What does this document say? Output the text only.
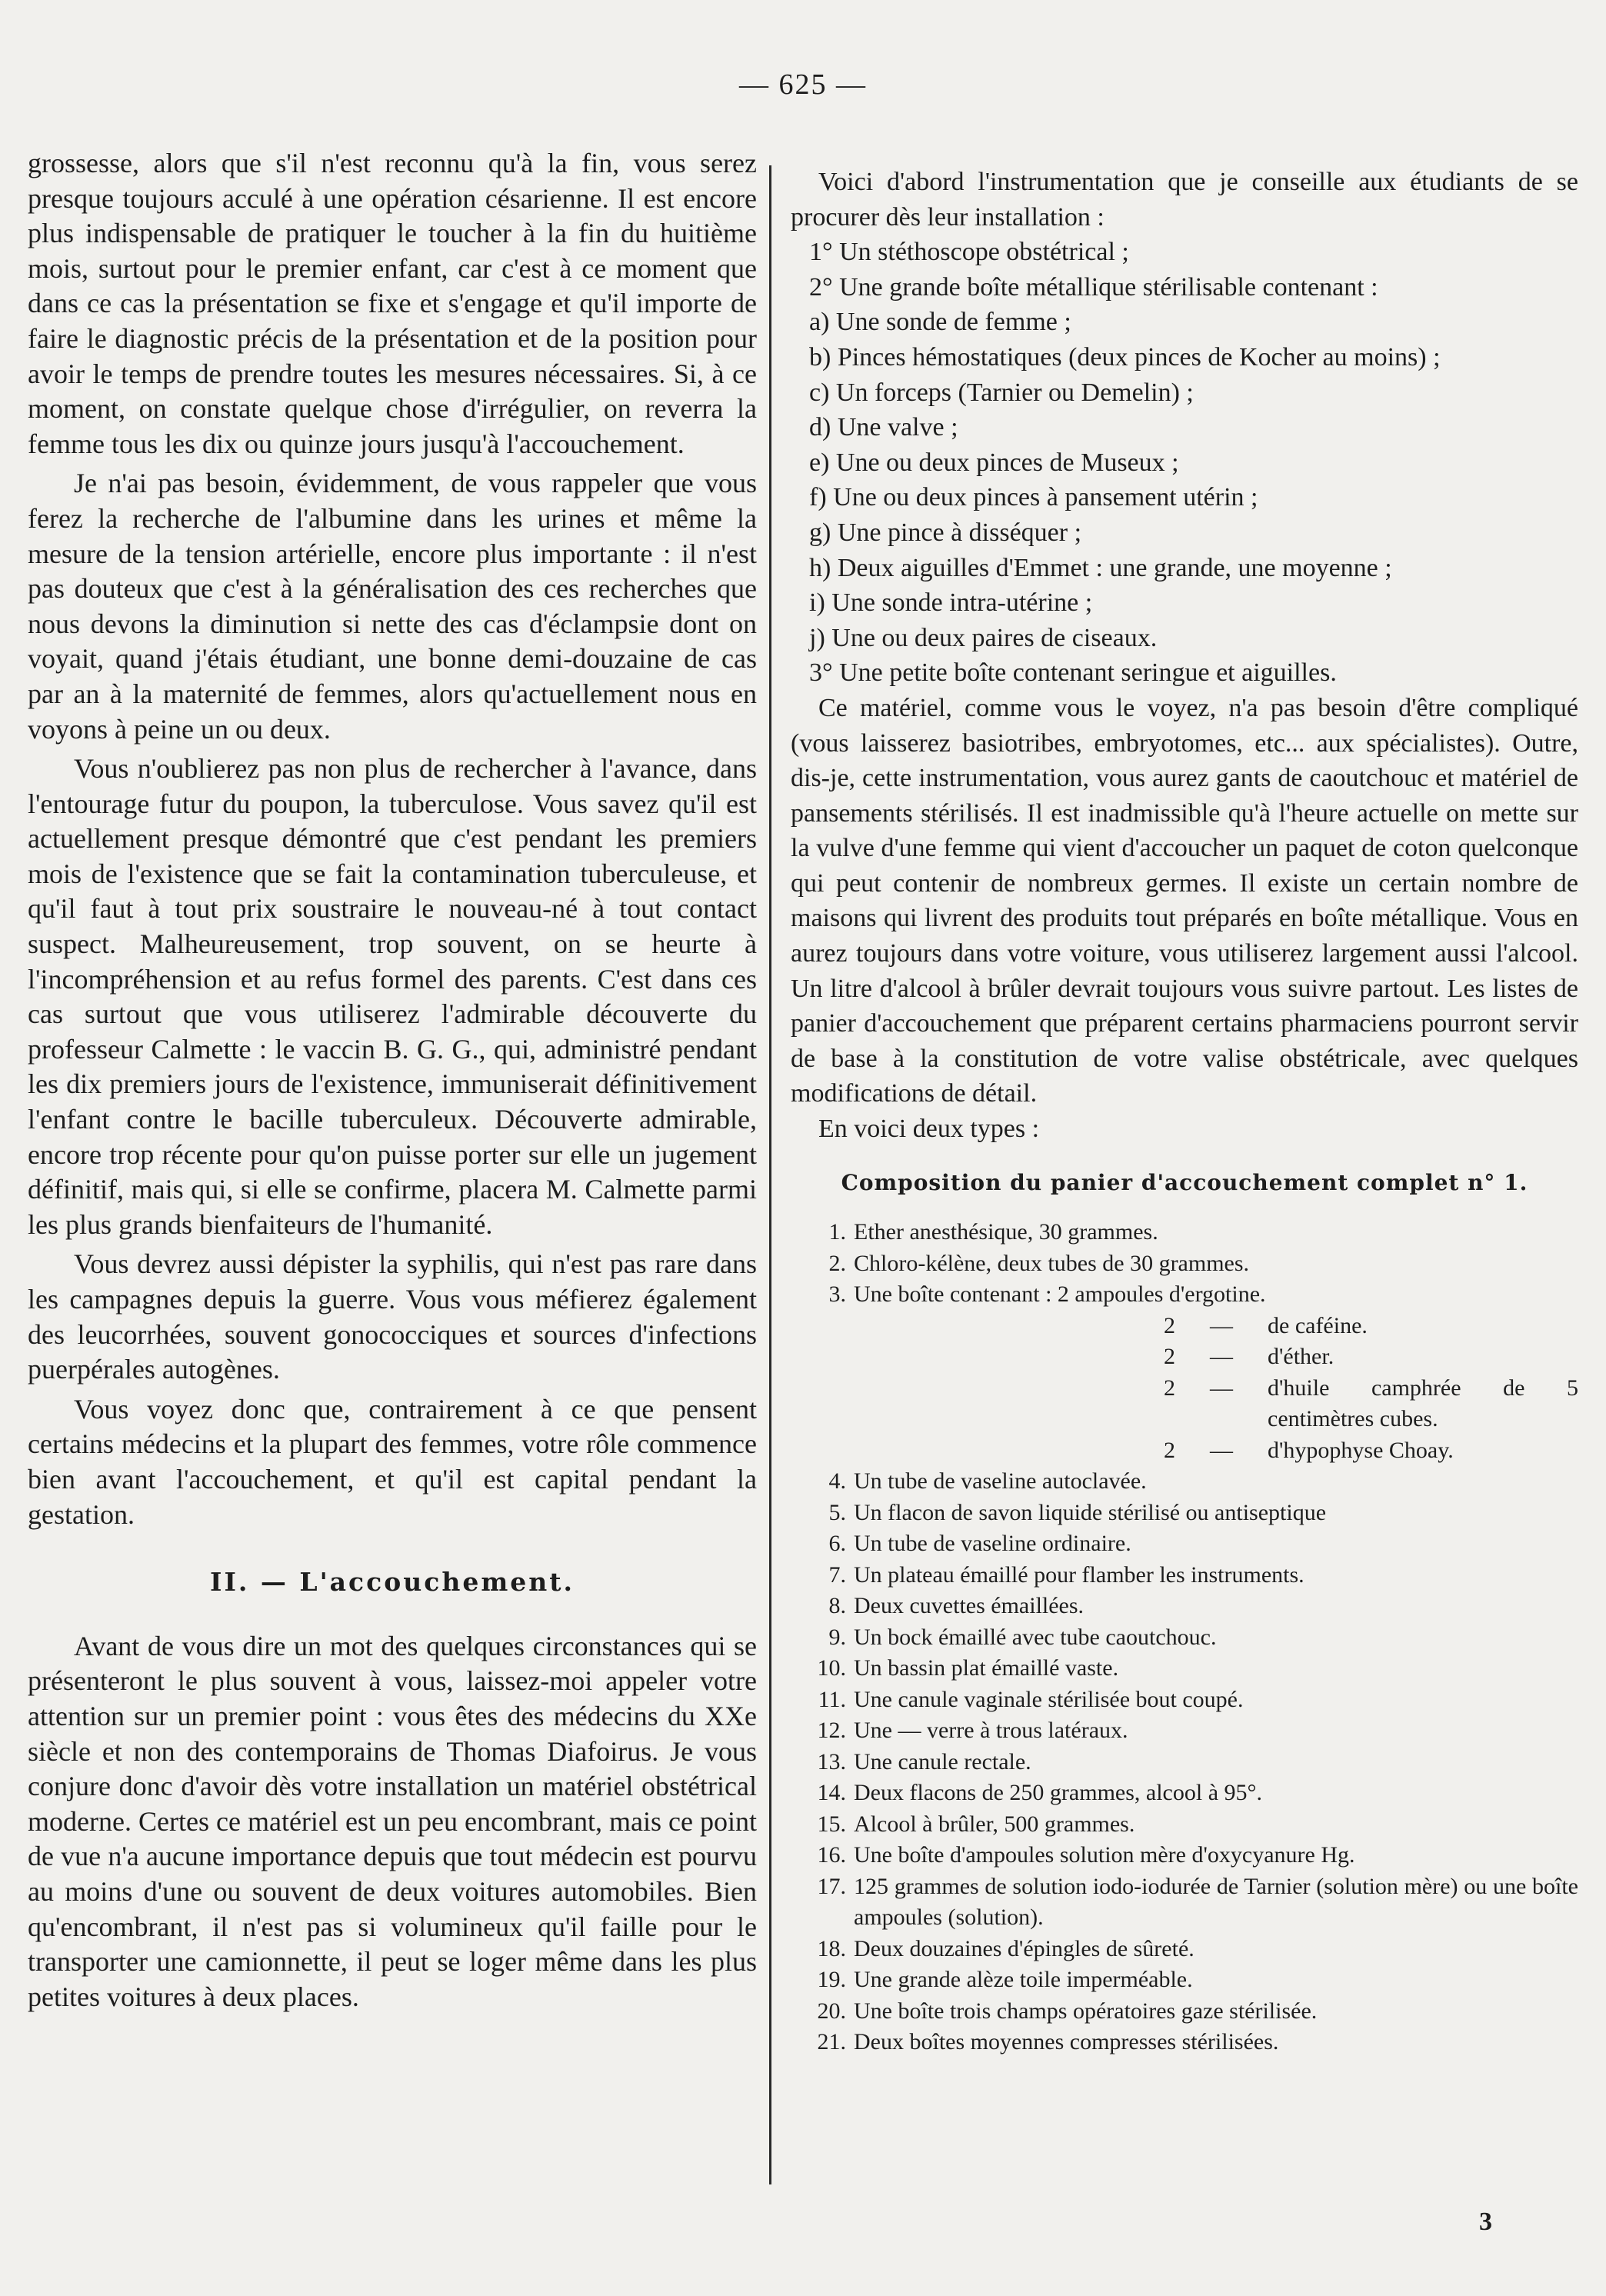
— 625 —

grossesse, alors que s'il n'est reconnu qu'à la fin, vous serez presque toujours acculé à une opération césarienne. Il est encore plus indispensable de pratiquer le toucher à la fin du huitième mois, surtout pour le premier enfant, car c'est à ce moment que dans ce cas la présentation se fixe et s'engage et qu'il importe de faire le diagnostic précis de la présentation et de la position pour avoir le temps de prendre toutes les mesures nécessaires. Si, à ce moment, on constate quelque chose d'irrégulier, on reverra la femme tous les dix ou quinze jours jusqu'à l'accouchement.

Je n'ai pas besoin, évidemment, de vous rappeler que vous ferez la recherche de l'albumine dans les urines et même la mesure de la tension artérielle, encore plus importante : il n'est pas douteux que c'est à la généralisation des ces recherches que nous devons la diminution si nette des cas d'éclampsie dont on voyait, quand j'étais étudiant, une bonne demi-douzaine de cas par an à la maternité de femmes, alors qu'actuellement nous en voyons à peine un ou deux.

Vous n'oublierez pas non plus de rechercher à l'avance, dans l'entourage futur du poupon, la tuberculose. Vous savez qu'il est actuellement presque démontré que c'est pendant les premiers mois de l'existence que se fait la contamination tuberculeuse, et qu'il faut à tout prix soustraire le nouveau-né à tout contact suspect. Malheureusement, trop souvent, on se heurte à l'incompréhension et au refus formel des parents. C'est dans ces cas surtout que vous utiliserez l'admirable découverte du professeur Calmette : le vaccin B. G. G., qui, administré pendant les dix premiers jours de l'existence, immuniserait définitivement l'enfant contre le bacille tuberculeux. Découverte admirable, encore trop récente pour qu'on puisse porter sur elle un jugement définitif, mais qui, si elle se confirme, placera M. Calmette parmi les plus grands bienfaiteurs de l'humanité.

Vous devrez aussi dépister la syphilis, qui n'est pas rare dans les campagnes depuis la guerre. Vous vous méfierez également des leucorrhées, souvent gonococciques et sources d'infections puerpérales autogènes.

Vous voyez donc que, contrairement à ce que pensent certains médecins et la plupart des femmes, votre rôle commence bien avant l'accouchement, et qu'il est capital pendant la gestation.

II. — L'accouchement.

Avant de vous dire un mot des quelques circonstances qui se présenteront le plus souvent à vous, laissez-moi appeler votre attention sur un premier point : vous êtes des médecins du XXe siècle et non des contemporains de Thomas Diafoirus. Je vous conjure donc d'avoir dès votre installation un matériel obstétrical moderne. Certes ce matériel est un peu encombrant, mais ce point de vue n'a aucune importance depuis que tout médecin est pourvu au moins d'une ou souvent de deux voitures automobiles. Bien qu'encombrant, il n'est pas si volumineux qu'il faille pour le transporter une camionnette, il peut se loger même dans les plus petites voitures à deux places.

Voici d'abord l'instrumentation que je conseille aux étudiants de se procurer dès leur installation :

1° Un stéthoscope obstétrical ;

2° Une grande boîte métallique stérilisable contenant :

a) Une sonde de femme ;

b) Pinces hémostatiques (deux pinces de Kocher au moins) ;

c) Un forceps (Tarnier ou Demelin) ;

d) Une valve ;

e) Une ou deux pinces de Museux ;

f) Une ou deux pinces à pansement utérin ;

g) Une pince à disséquer ;

h) Deux aiguilles d'Emmet : une grande, une moyenne ;

i) Une sonde intra-utérine ;

j) Une ou deux paires de ciseaux.

3° Une petite boîte contenant seringue et aiguilles.

Ce matériel, comme vous le voyez, n'a pas besoin d'être compliqué (vous laisserez basiotribes, embryotomes, etc... aux spécialistes). Outre, dis-je, cette instrumentation, vous aurez gants de caoutchouc et matériel de pansements stérilisés. Il est inadmissible qu'à l'heure actuelle on mette sur la vulve d'une femme qui vient d'accoucher un paquet de coton quelconque qui peut contenir de nombreux germes. Il existe un certain nombre de maisons qui livrent des produits tout préparés en boîte métallique. Vous en aurez toujours dans votre voiture, vous utiliserez largement aussi l'alcool. Un litre d'alcool à brûler devrait toujours vous suivre partout. Les listes de panier d'accouchement que préparent certains pharmaciens pourront servir de base à la constitution de votre valise obstétricale, avec quelques modifications de détail.

En voici deux types :

Composition du panier d'accouchement complet n° 1.
1. Ether anesthésique, 30 grammes.
2. Chloro-kélène, deux tubes de 30 grammes.
3. Une boîte contenant : 2 ampoules d'ergotine.
2	—	de caféine.
2	—	d'éther.
2	—	d'huile camphrée de 5 centimètres cubes.
2	—	d'hypophyse Choay.
4. Un tube de vaseline autoclavée.
5. Un flacon de savon liquide stérilisé ou antiseptique
6. Un tube de vaseline ordinaire.
7. Un plateau émaillé pour flamber les instruments.
8. Deux cuvettes émaillées.
9. Un bock émaillé avec tube caoutchouc.
10. Un bassin plat émaillé vaste.
11. Une canule vaginale stérilisée bout coupé.
12. Une — verre à trous latéraux.
13. Une canule rectale.
14. Deux flacons de 250 grammes, alcool à 95°.
15. Alcool à brûler, 500 grammes.
16. Une boîte d'ampoules solution mère d'oxycyanure Hg.
17. 125 grammes de solution iodo-iodurée de Tarnier (solution mère) ou une boîte ampoules (solution).
18. Deux douzaines d'épingles de sûreté.
19. Une grande alèze toile imperméable.
20. Une boîte trois champs opératoires gaze stérilisée.
21. Deux boîtes moyennes compresses stérilisées.
3
